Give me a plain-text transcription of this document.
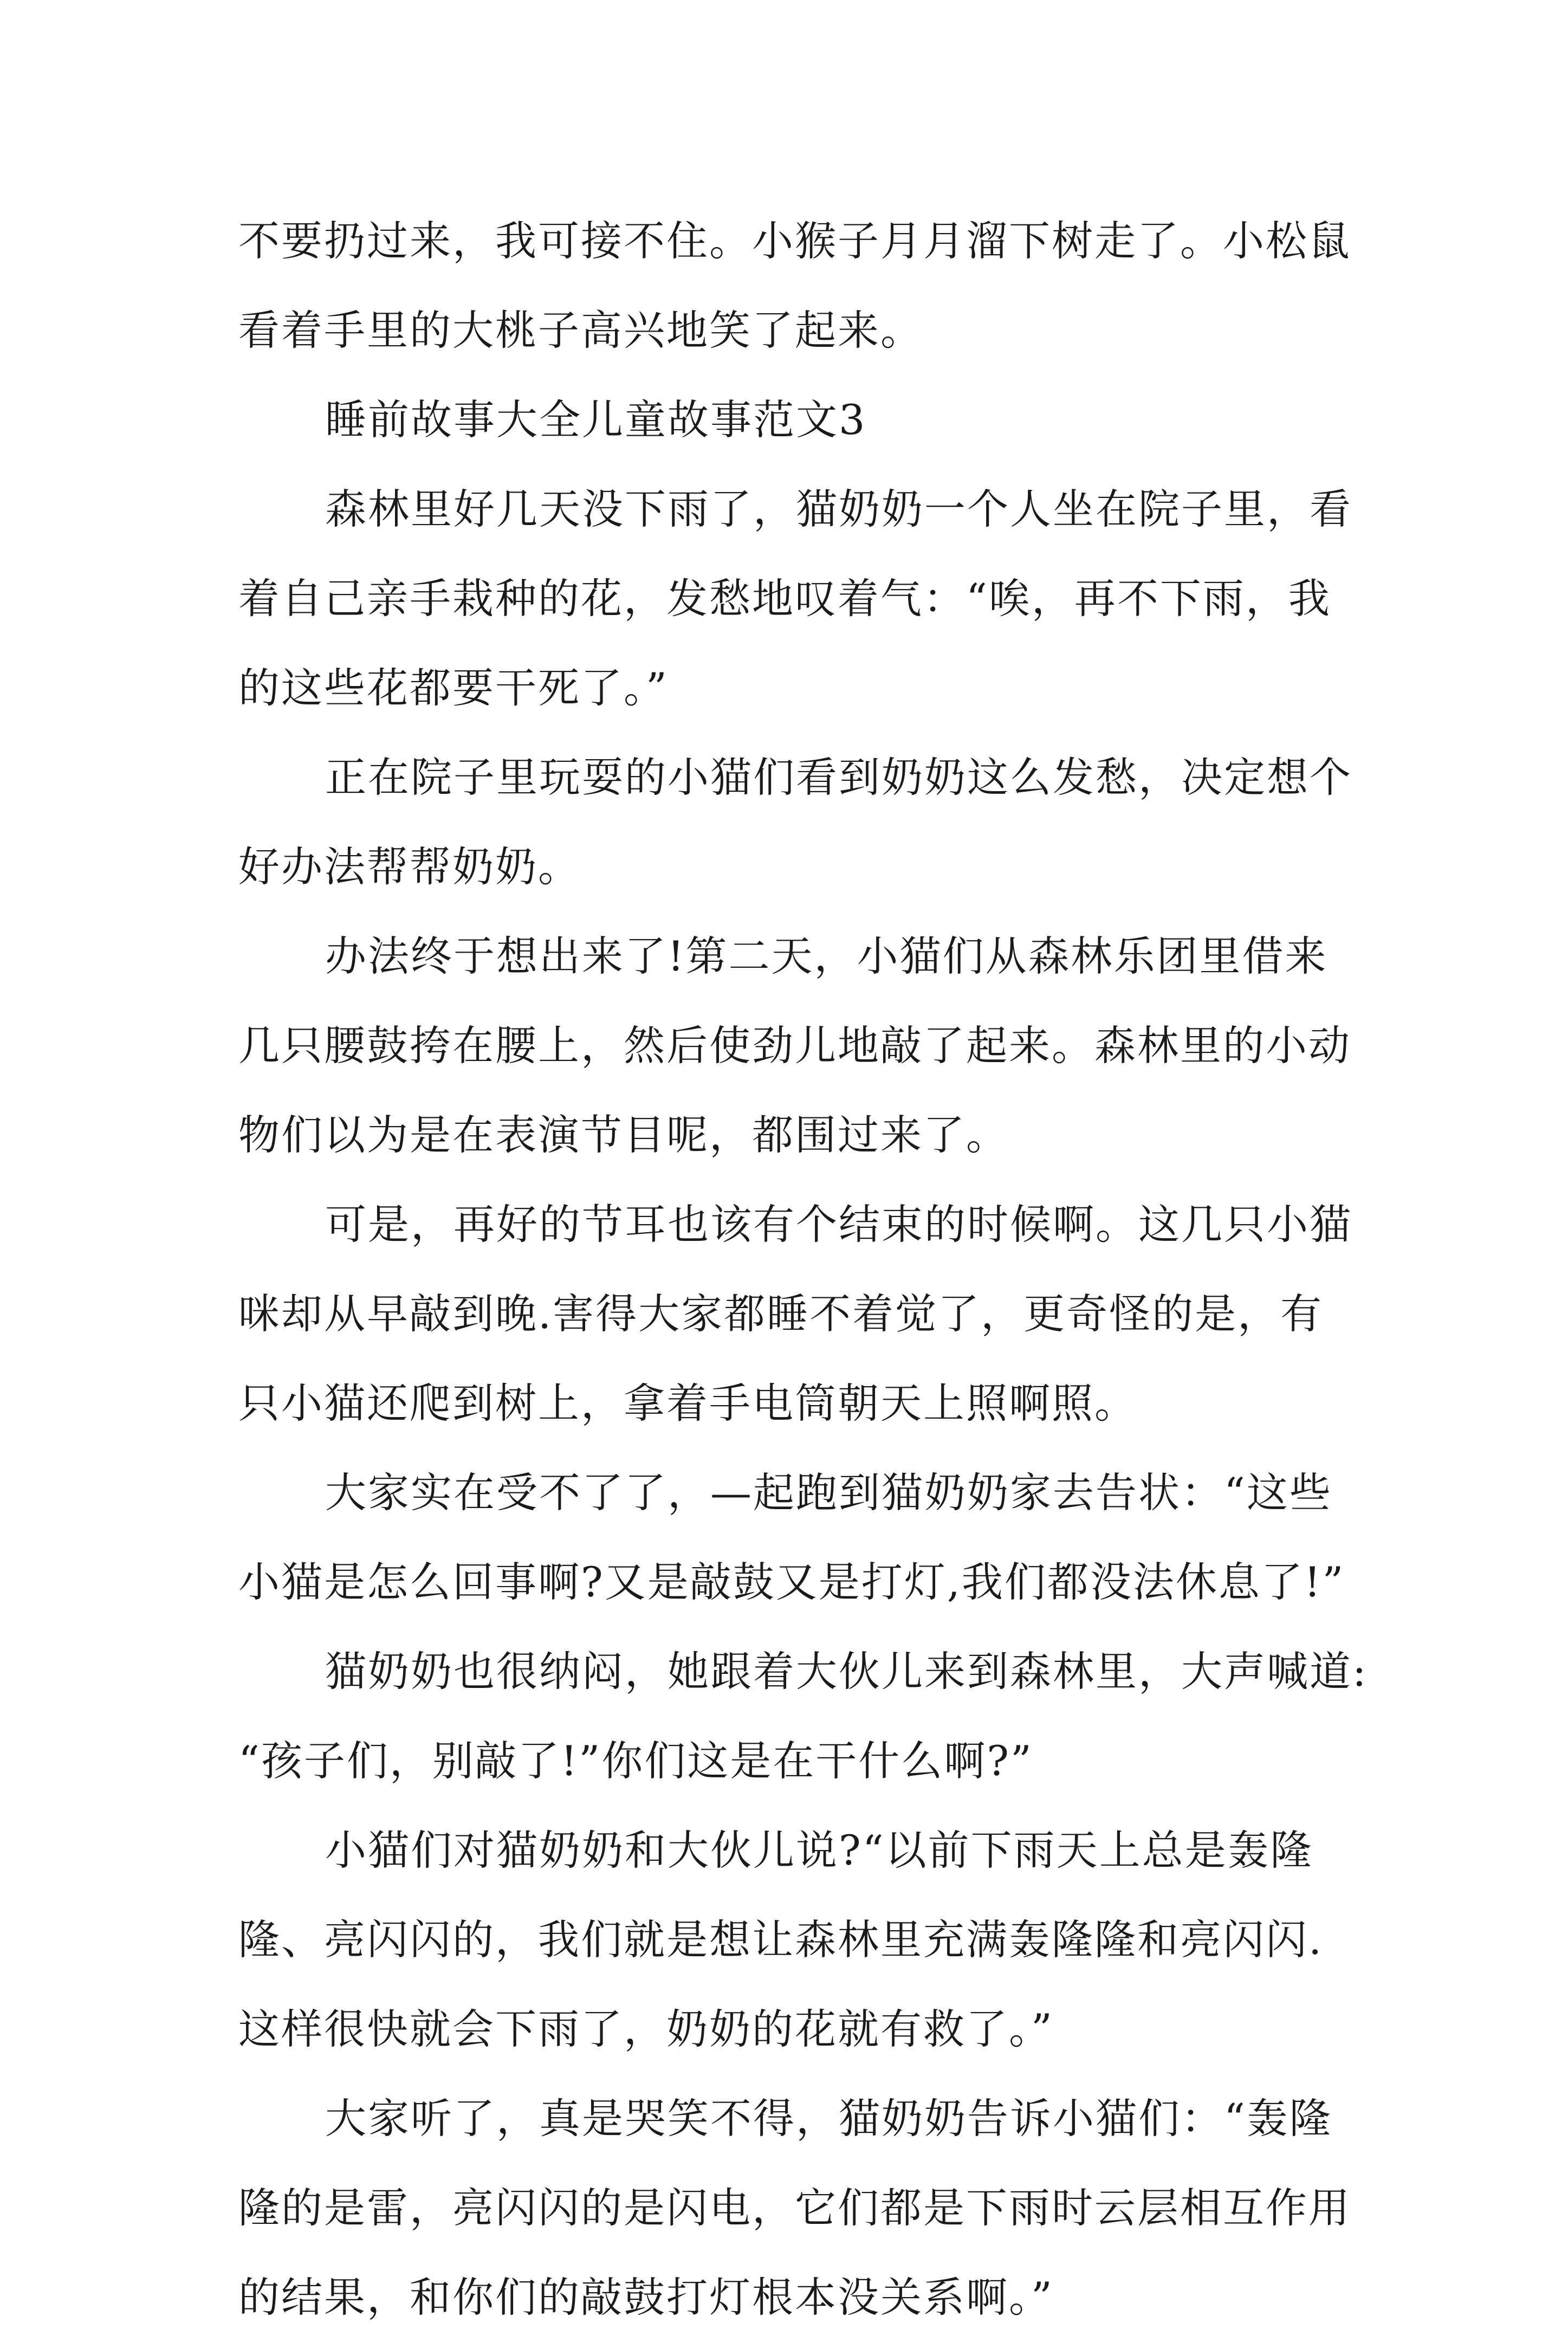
不要扔过来，我可接不住。小猴子月月溜下树走了。小松鼠
看着手里的大桃子高兴地笑了起来。
睡前故事大全儿童故事范文3
森林里好几天没下雨了，猫奶奶一个人坐在院子里，看
着自己亲手栽种的花，发愁地叹着气：“唉，再不下雨，我
的这些花都要干死了。”
正在院子里玩耍的小猫们看到奶奶这么发愁，决定想个
好办法帮帮奶奶。
办法终于想出来了!第二天，小猫们从森林乐团里借来
几只腰鼓挎在腰上，然后使劲儿地敲了起来。森林里的小动
物们以为是在表演节目呢，都围过来了。
可是，再好的节耳也该有个结束的时候啊。这几只小猫
咪却从早敲到晚.害得大家都睡不着觉了，更奇怪的是，有
只小猫还爬到树上，拿着手电筒朝天上照啊照。
大家实在受不了了，—起跑到猫奶奶家去告状：“这些
小猫是怎么回事啊?又是敲鼓又是打灯,我们都没法休息了!”
猫奶奶也很纳闷，她跟着大伙儿来到森林里，大声喊道:
“孩子们，别敲了!”你们这是在干什么啊?”
小猫们对猫奶奶和大伙儿说?“以前下雨天上总是轰隆
隆、亮闪闪的，我们就是想让森林里充满轰隆隆和亮闪闪.
这样很快就会下雨了，奶奶的花就有救了。”
大家听了，真是哭笑不得，猫奶奶告诉小猫们：“轰隆
隆的是雷，亮闪闪的是闪电，它们都是下雨时云层相互作用
的结果，和你们的敲鼓打灯根本没关系啊。”
